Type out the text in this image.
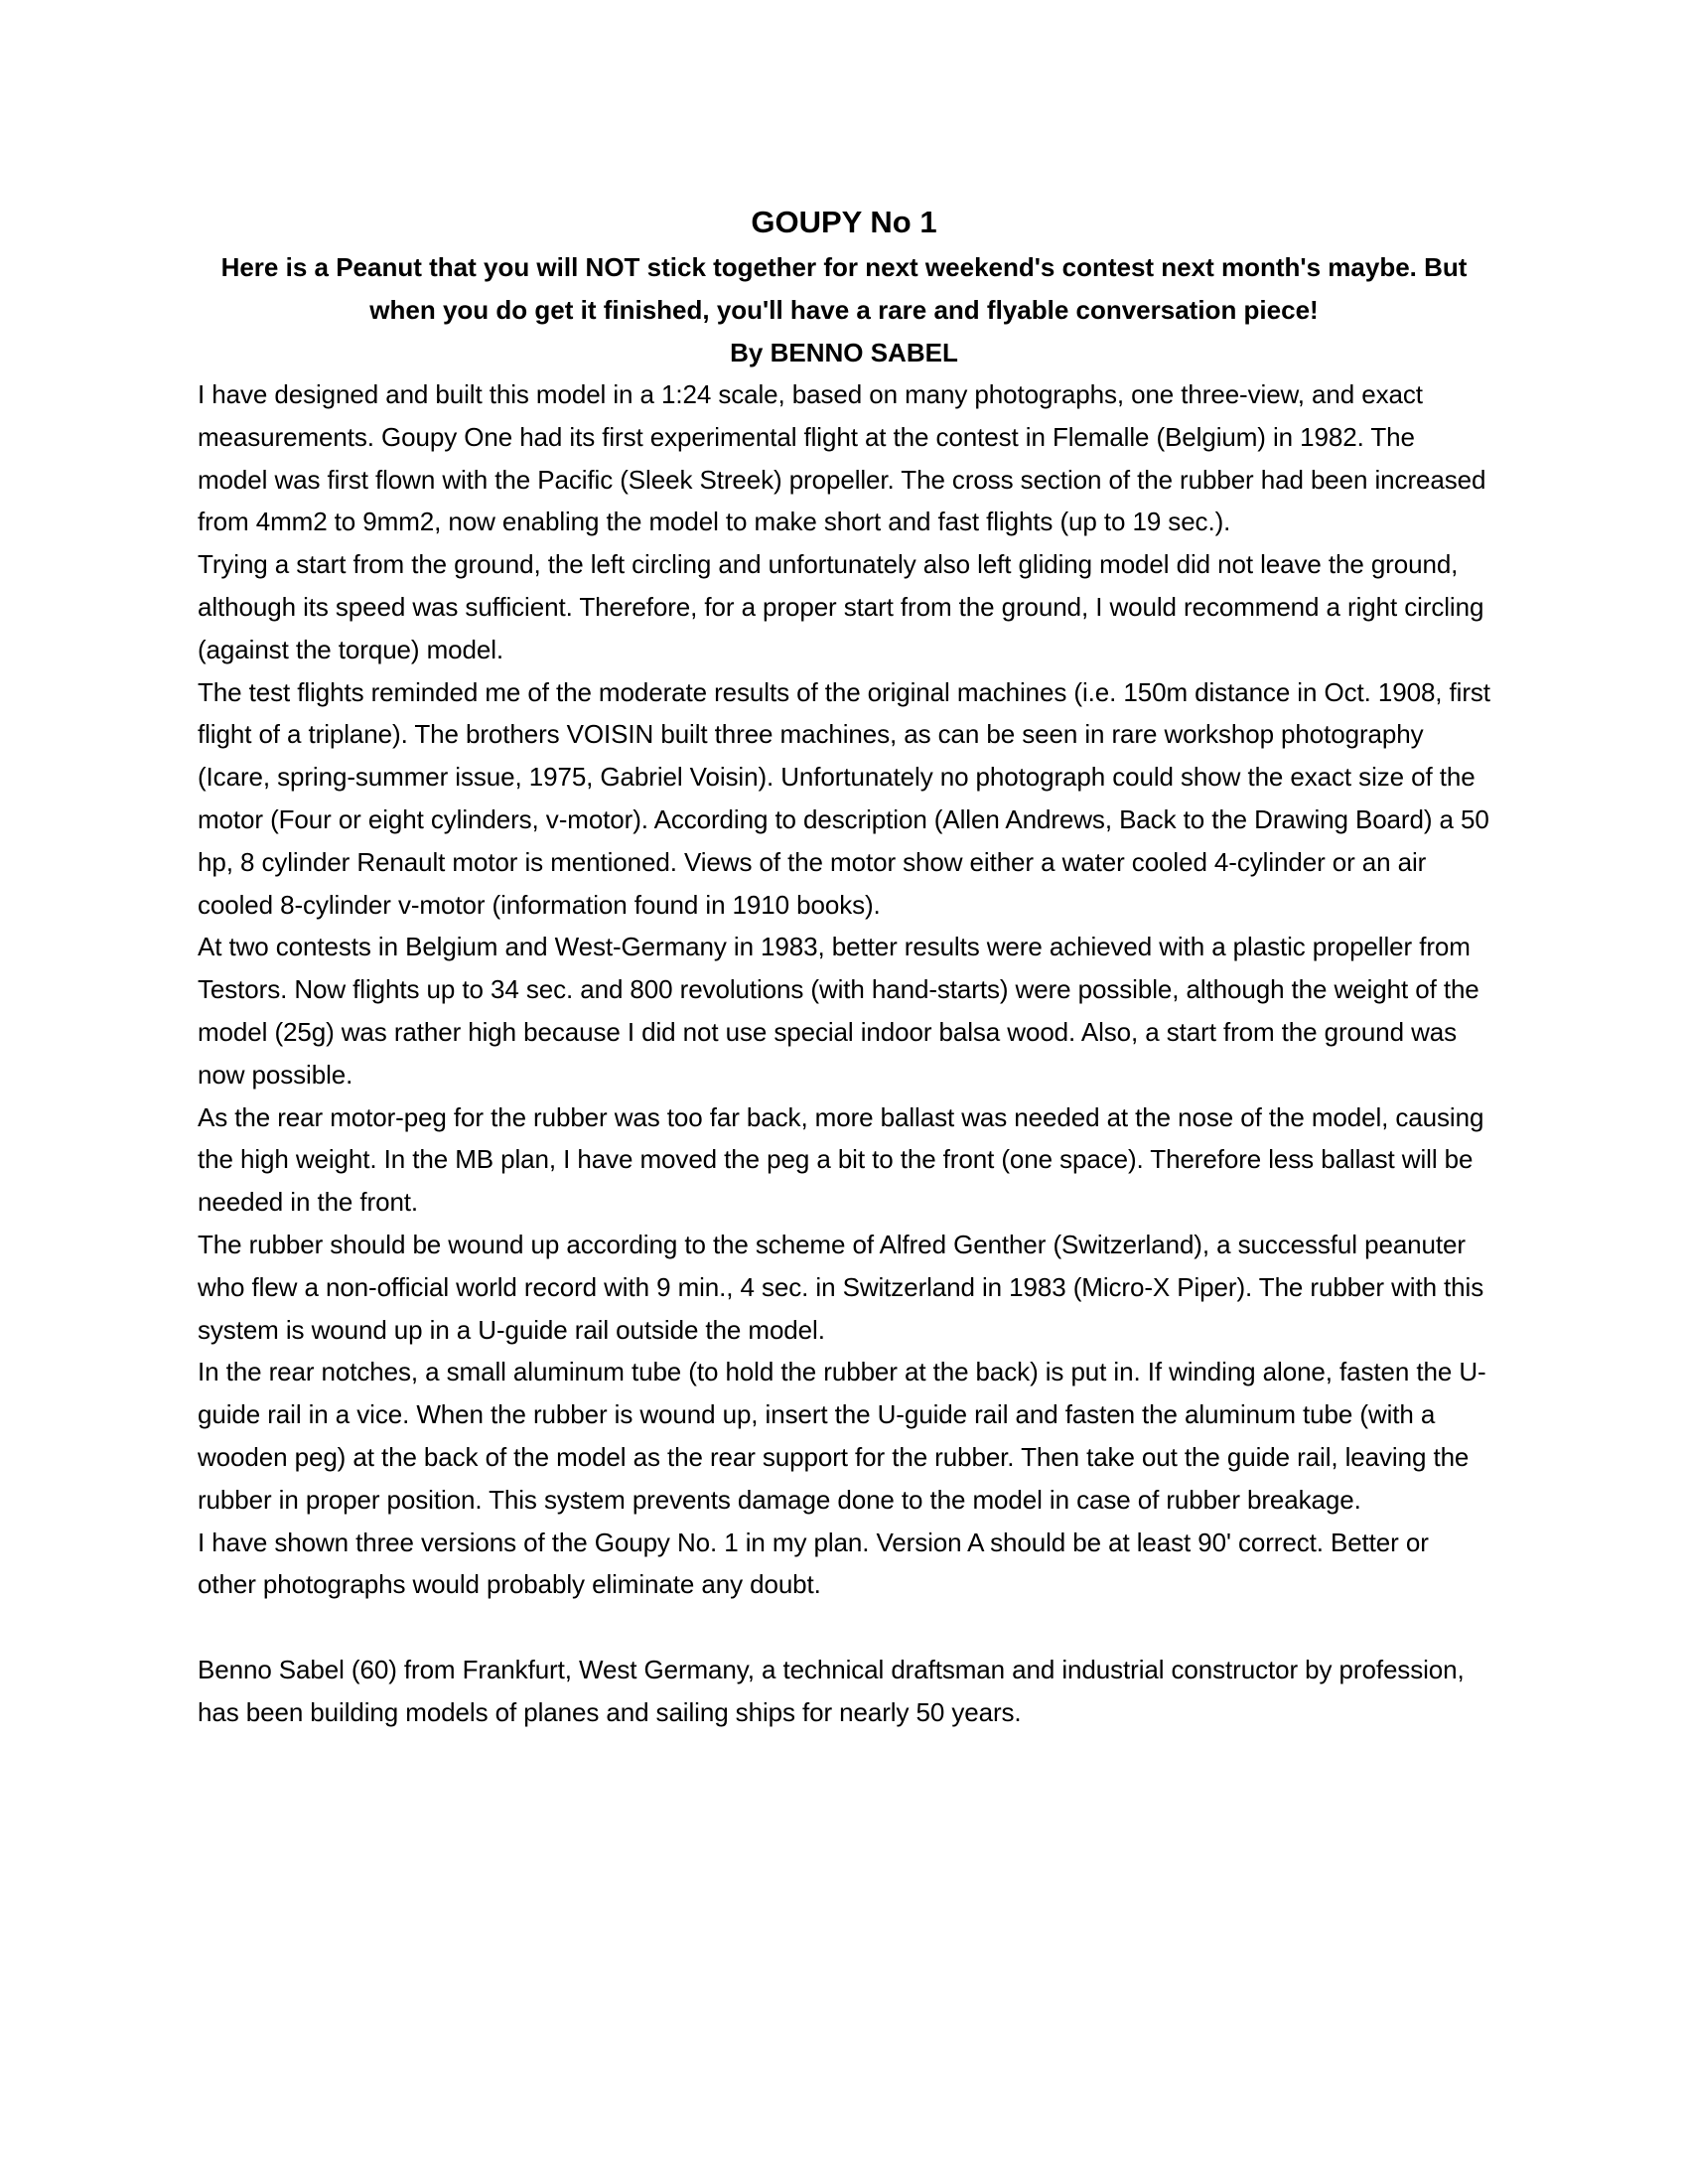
GOUPY No 1

Here is a Peanut that you will NOT stick together for next weekend's contest next month's maybe. But when you do get it finished, you'll have a rare and flyable conversation piece!

By BENNO SABEL

I have designed and built this model in a 1:24 scale, based on many photographs, one three-view, and exact measurements. Goupy One had its first experimental flight at the contest in Flemalle (Belgium) in 1982. The model was first flown with the Pacific (Sleek Streek) propeller. The cross section of the rubber had been increased from 4mm2 to 9mm2, now enabling the model to make short and fast flights (up to 19 sec.).

Trying a start from the ground, the left circling and unfortunately also left gliding model did not leave the ground, although its speed was sufficient. Therefore, for a proper start from the ground, I would recommend a right circling (against the torque) model.

The test flights reminded me of the moderate results of the original machines (i.e. 150m distance in Oct. 1908, first flight of a triplane). The brothers VOISIN built three machines, as can be seen in rare workshop photography (Icare, spring-summer issue, 1975, Gabriel Voisin). Unfortunately no photograph could show the exact size of the motor (Four or eight cylinders, v-motor). According to description (Allen Andrews, Back to the Drawing Board) a 50 hp, 8 cylinder Renault motor is mentioned. Views of the motor show either a water cooled 4-cylinder or an air cooled 8-cylinder v-motor (information found in 1910 books).

At two contests in Belgium and West-Germany in 1983, better results were achieved with a plastic propeller from Testors. Now flights up to 34 sec. and 800 revolutions (with hand-starts) were possible, although the weight of the model (25g) was rather high because I did not use special indoor balsa wood. Also, a start from the ground was now possible.

As the rear motor-peg for the rubber was too far back, more ballast was needed at the nose of the model, causing the high weight. In the MB plan, I have moved the peg a bit to the front (one space). Therefore less ballast will be needed in the front.

The rubber should be wound up according to the scheme of Alfred Genther (Switzerland), a successful peanuter who flew a non-official world record with 9 min., 4 sec. in Switzerland in 1983 (Micro-X Piper). The rubber with this system is wound up in a U-guide rail outside the model.

In the rear notches, a small aluminum tube (to hold the rubber at the back) is put in. If winding alone, fasten the U-guide rail in a vice. When the rubber is wound up, insert the U-guide rail and fasten the aluminum tube (with a wooden peg) at the back of the model as the rear support for the rubber. Then take out the guide rail, leaving the rubber in proper position. This system prevents damage done to the model in case of rubber breakage.

I have shown three versions of the Goupy No. 1 in my plan. Version A should be at least 90' correct. Better or other photographs would probably eliminate any doubt.

Benno Sabel (60) from Frankfurt, West Germany, a technical draftsman and industrial constructor by profession, has been building models of planes and sailing ships for nearly 50 years.
